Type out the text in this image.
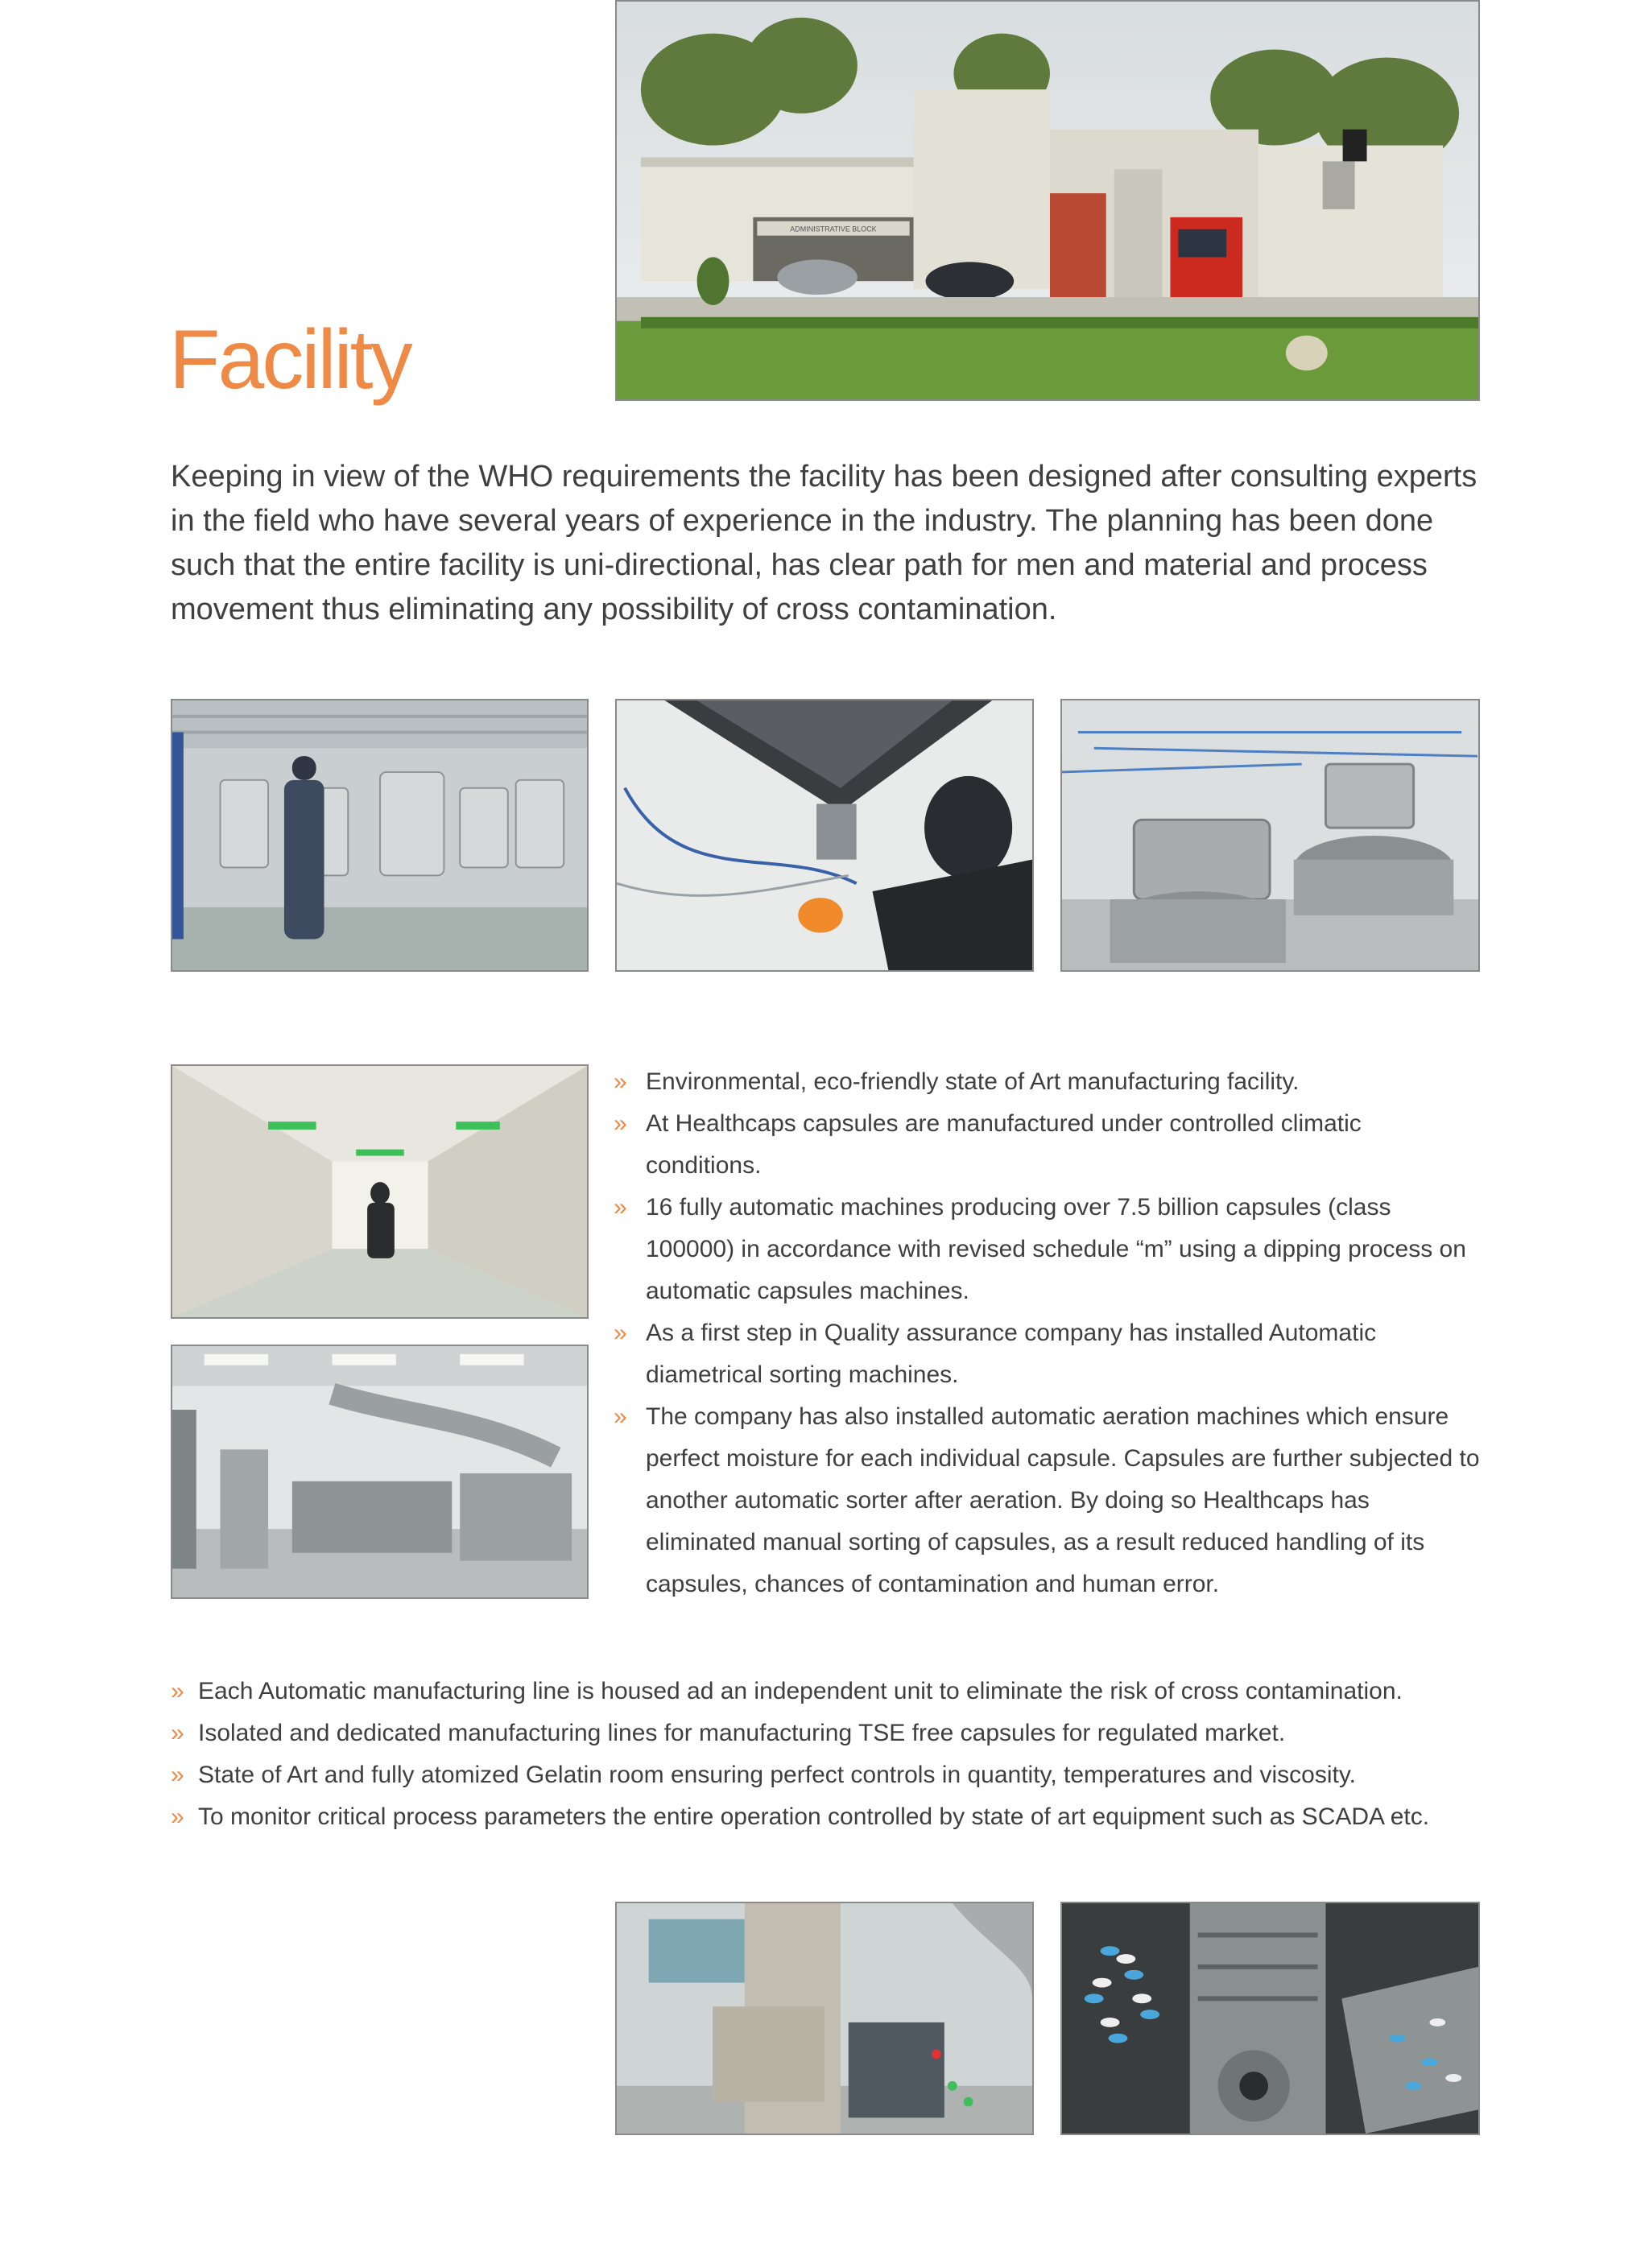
ADMINISTRATIVE BLOCK
Facility

Keeping in view of the WHO requirements the facility has been designed after consulting experts in the field who have several years of experience in the industry. The planning has been done such that the entire facility is uni-directional, has clear path for men and material and process movement thus eliminating any possibility of cross contamination.

» Environmental, eco-friendly state of Art manufacturing facility.
» At Healthcaps capsules are manufactured under controlled climatic conditions.
» 16 fully automatic machines producing over 7.5 billion capsules (class 100000) in accordance with revised schedule “m” using a dipping process on automatic capsules machines.
» As a first step in Quality assurance company has installed Automatic diametrical sorting machines.
» The company has also installed automatic aeration machines which ensure perfect moisture for each individual capsule. Capsules are further subjected to another automatic sorter after aeration. By doing so Healthcaps has eliminated manual sorting of capsules, as a result reduced handling of its capsules, chances of contamination and human error.
» Each Automatic manufacturing line is housed ad an independent unit to eliminate the risk of cross contamination.
» Isolated and dedicated manufacturing lines for manufacturing TSE free capsules for regulated market.
» State of Art and fully atomized Gelatin room ensuring perfect controls in quantity, temperatures and viscosity.
» To monitor critical process parameters the entire operation controlled by state of art equipment such as SCADA etc.
